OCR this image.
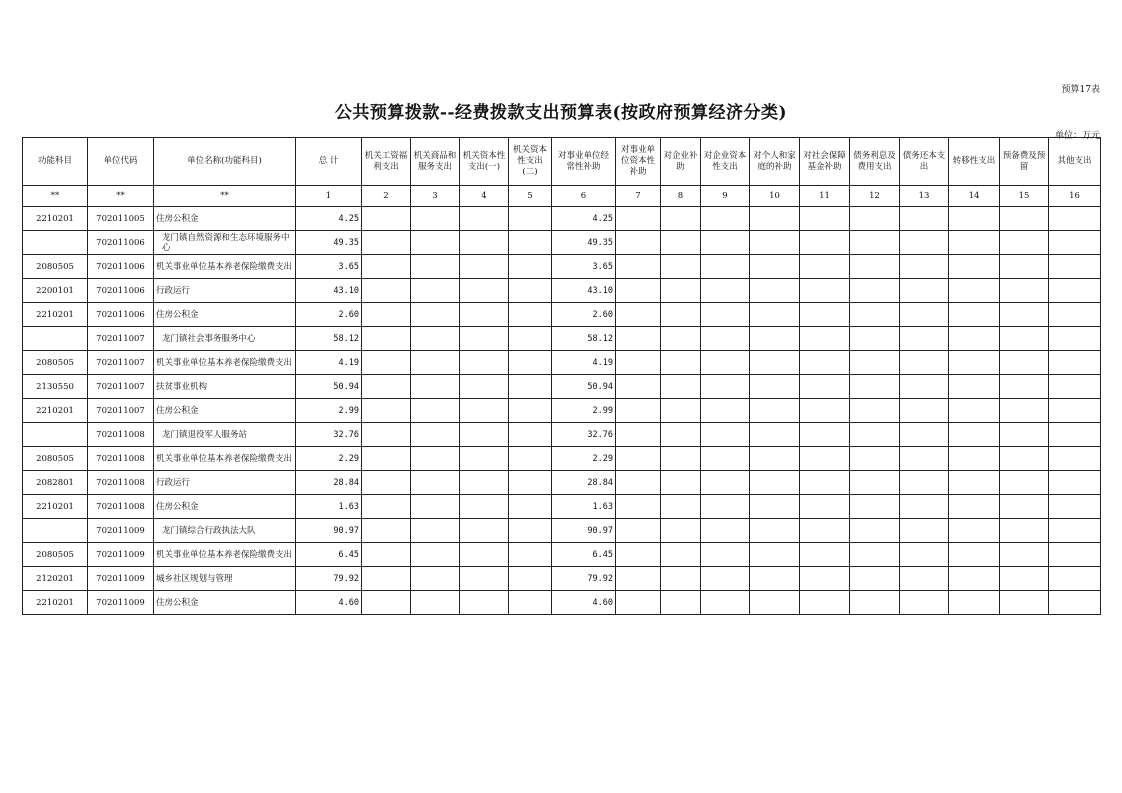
预算17表
公共预算拨款--经费拨款支出预算表(按政府预算经济分类)
单位：万元
功能科目	单位代码	单位名称(功能科目)	总 计	机关工资福利支出	机关商品和服务支出	机关资本性支出(一)	机关资本性支出(二)	对事业单位经常性补助	对事业单位资本性补助	对企业补助	对企业资本性支出	对个人和家庭的补助	对社会保障基金补助	债务利息及费用支出	债务还本支出	转移性支出	预备费及预留	其他支出
**	**	**	1	2	3	4	5	6	7	8	9	10	11	12	13	14	15	16
2210201	702011005	住房公积金	4.25					4.25										
	702011006	龙门镇自然资源和生态环境服务中心	49.35					49.35										
2080505	702011006	机关事业单位基本养老保险缴费支出	3.65					3.65										
2200101	702011006	行政运行	43.10					43.10										
2210201	702011006	住房公积金	2.60					2.60										
	702011007	龙门镇社会事务服务中心	58.12					58.12										
2080505	702011007	机关事业单位基本养老保险缴费支出	4.19					4.19										
2130550	702011007	扶贫事业机构	50.94					50.94										
2210201	702011007	住房公积金	2.99					2.99										
	702011008	龙门镇退役军人服务站	32.76					32.76										
2080505	702011008	机关事业单位基本养老保险缴费支出	2.29					2.29										
2082801	702011008	行政运行	28.84					28.84										
2210201	702011008	住房公积金	1.63					1.63										
	702011009	龙门镇综合行政执法大队	90.97					90.97										
2080505	702011009	机关事业单位基本养老保险缴费支出	6.45					6.45										
2120201	702011009	城乡社区规划与管理	79.92					79.92										
2210201	702011009	住房公积金	4.60					4.60										
